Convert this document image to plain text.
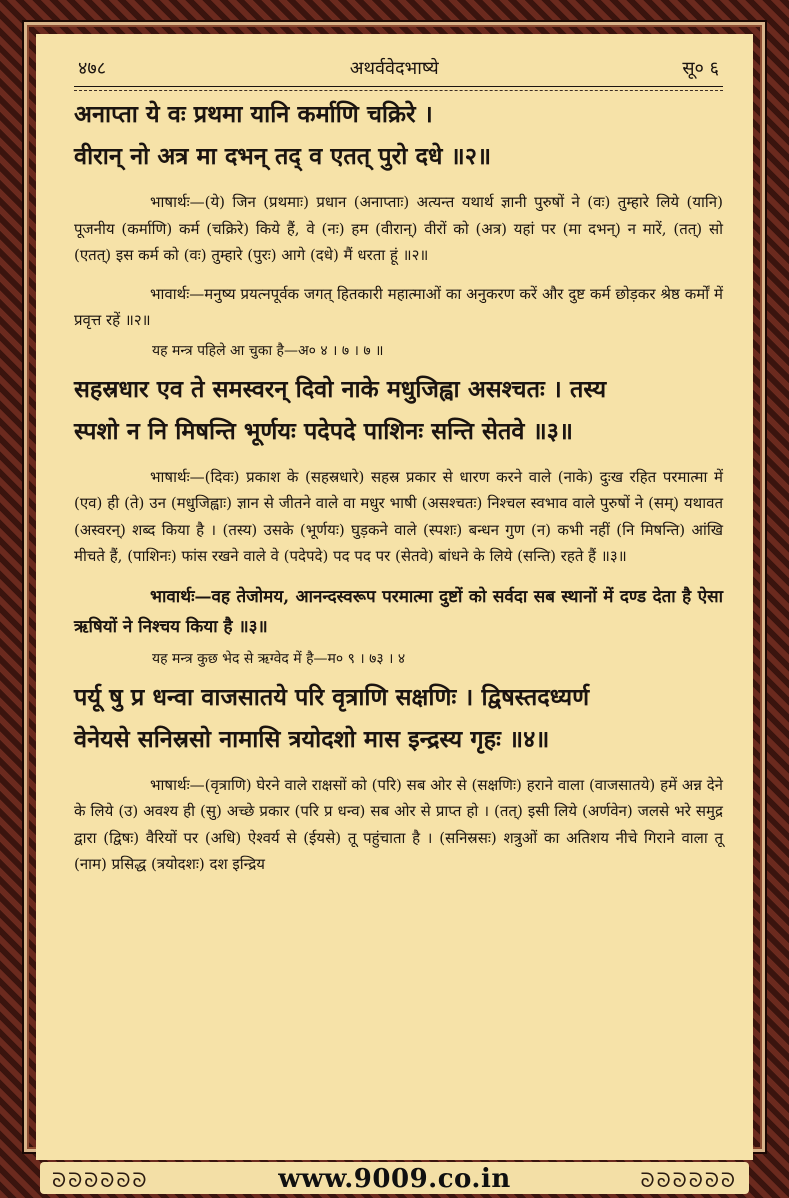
४७८	अथर्ववेदभाष्ये	सू० ६
अनाप्ता ये वः प्रथमा यानि कर्माणि चक्रिरे ।
वीरान् नो अत्र मा दभन् तद् व एतत् पुरो दधे ॥२॥

भाषार्थः—(ये) जिन (प्रथमाः) प्रधान (अनाप्ताः) अत्यन्त यथार्थ ज्ञानी पुरुषों ने (वः) तुम्हारे लिये (यानि) पूजनीय (कर्माणि) कर्म (चक्रिरे) किये हैं, वे (नः) हम (वीरान्) वीरों को (अत्र) यहां पर (मा दभन्) न मारें, (तत्) सो (एतत्) इस कर्म को (वः) तुम्हारे (पुरः) आगे (दधे) मैं धरता हूं ॥२॥

भावार्थः—मनुष्य प्रयत्नपूर्वक जगत् हितकारी महात्माओं का अनुकरण करें और दुष्ट कर्म छोड़कर श्रेष्ठ कर्मों में प्रवृत्त रहें ॥२॥

यह मन्त्र पहिले आ चुका है—अ० ४ । ७ । ७ ॥

सहस्रधार एव ते समस्वरन् दिवो नाके मधुजिह्वा असश्चतः । तस्य
स्पशो न नि मिषन्ति भूर्णयः पदेपदे पाशिनः सन्ति सेतवे ॥३॥

भाषार्थः—(दिवः) प्रकाश के (सहस्रधारे) सहस्र प्रकार से धारण करने वाले (नाके) दुःख रहित परमात्मा में (एव) ही (ते) उन (मधुजिह्वाः) ज्ञान से जीतने वाले वा मधुर भाषी (असश्चतः) निश्चल स्वभाव वाले पुरुषों ने (सम्) यथावत (अस्वरन्) शब्द किया है । (तस्य) उसके (भूर्णयः) घुड़कने वाले (स्पशः) बन्धन गुण (न) कभी नहीं (नि मिषन्ति) आंखि मीचते हैं, (पाशिनः) फांस रखने वाले वे (पदेपदे) पद पद पर (सेतवे) बांधने के लिये (सन्ति) रहते हैं ॥३॥

भावार्थः—वह तेजोमय, आनन्दस्वरूप परमात्मा दुष्टों को सर्वदा सब स्थानों में दण्ड देता है ऐसा ऋषियों ने निश्चय किया है ॥३॥

यह मन्त्र कुछ भेद से ऋग्वेद में है—म० ९ । ७३ । ४

पर्यू षु प्र धन्वा वाजसातये परि वृत्राणि सक्षणिः । द्विषस्तदध्यर्ण
वेनेयसे सनिस्रसो नामासि त्रयोदशो मास इन्द्रस्य गृहः ॥४॥

भाषार्थः—(वृत्राणि) घेरने वाले राक्षसों को (परि) सब ओर से (सक्षणिः) हराने वाला (वाजसातये) हमें अन्न देने के लिये (उ) अवश्य ही (सु) अच्छे प्रकार (परि प्र धन्व) सब ओर से प्राप्त हो । (तत्) इसी लिये (अर्णवेन) जलसे भरे समुद्र द्वारा (द्विषः) वैरियों पर (अधि) ऐश्वर्य से (ईयसे) तू पहुंचाता है । (सनिस्रसः) शत्रुओं का अतिशय नीचे गिराने वाला तू (नाम) प्रसिद्ध (त्रयोदशः) दश इन्द्रिय

ᘐᘐᘐᘐᘐᘐ	ᘐᘐᘐᘐᘐᘐ
www.9009.co.in
